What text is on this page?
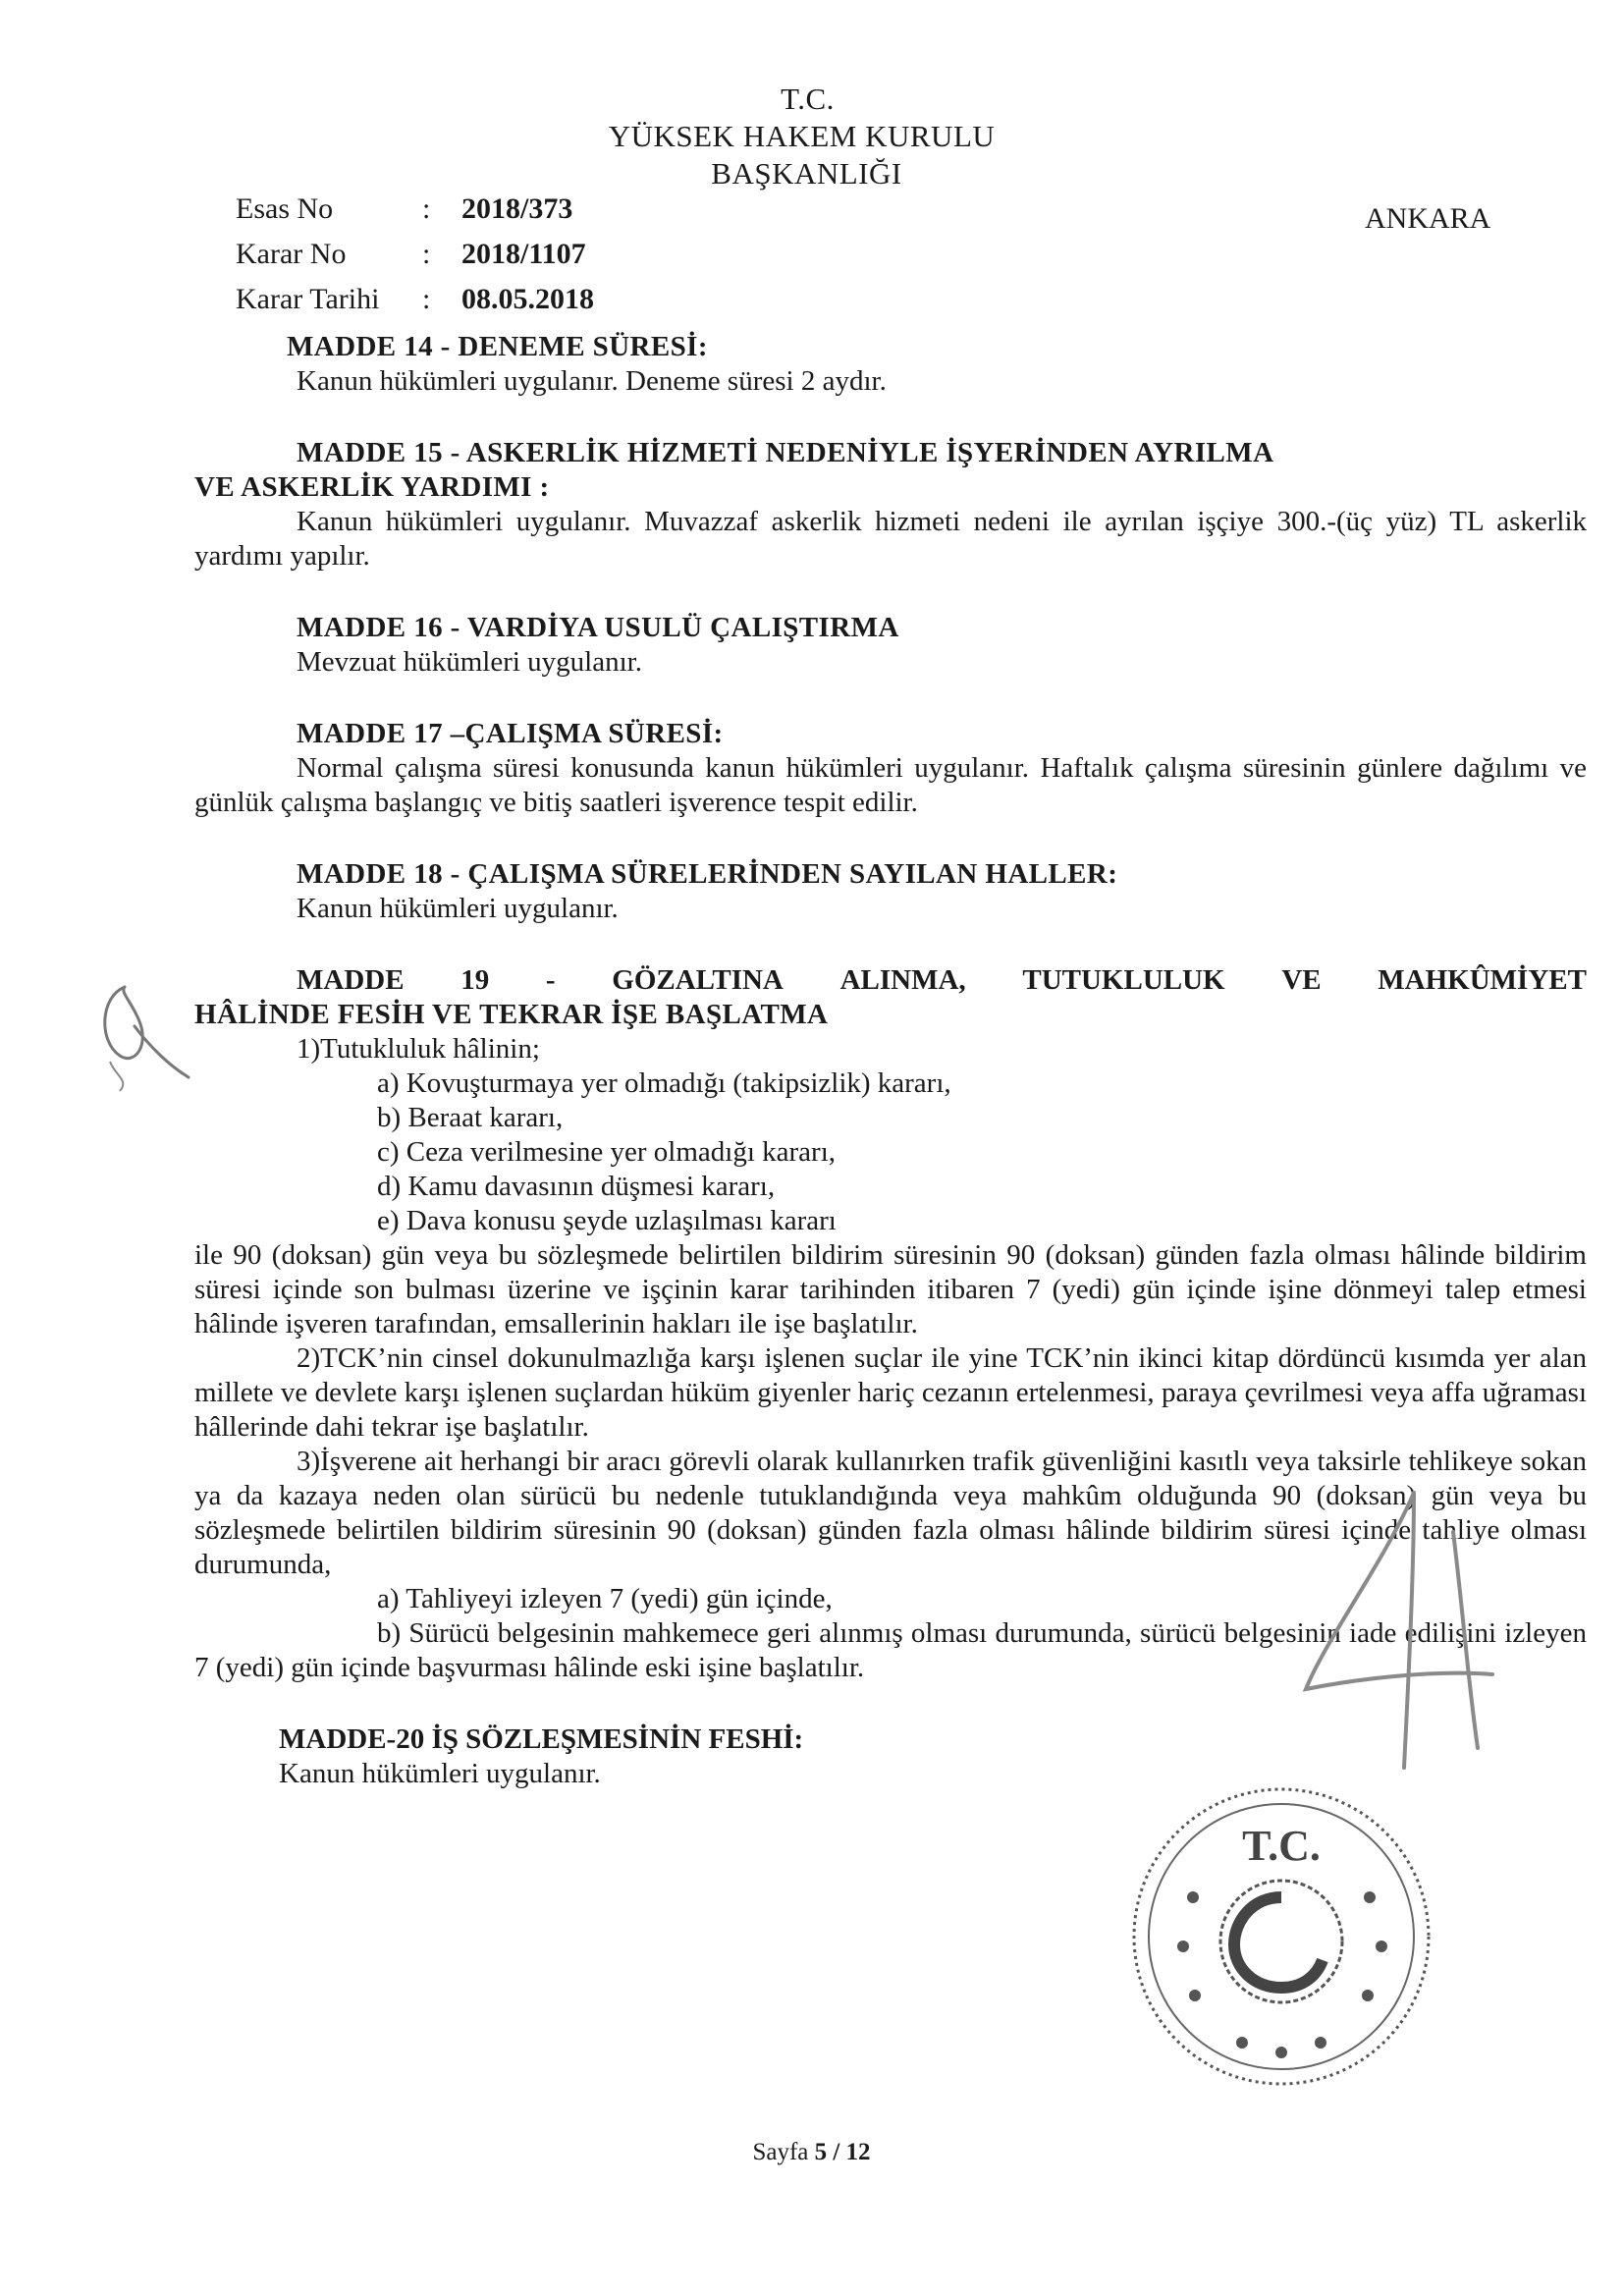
T.C.
YÜKSEK HAKEM KURULU
BAŞKANLIĞI
ANKARA
Esas No	:	2018/373
Karar No	:	2018/1107
Karar Tarihi	:	08.05.2018
MADDE 14 - DENEME SÜRESİ:
Kanun hükümleri uygulanır. Deneme süresi 2 aydır.
MADDE 15 - ASKERLİK HİZMETİ NEDENİYLE İŞYERİNDEN AYRILMA
VE ASKERLİK YARDIMI :
Kanun hükümleri uygulanır. Muvazzaf askerlik hizmeti nedeni ile ayrılan işçiye 300.-(üç yüz) TL askerlik yardımı yapılır.
MADDE 16 - VARDİYA USULÜ ÇALIŞTIRMA
Mevzuat hükümleri uygulanır.
MADDE 17 –ÇALIŞMA SÜRESİ:
Normal çalışma süresi konusunda kanun hükümleri uygulanır. Haftalık çalışma süresinin günlere dağılımı ve günlük çalışma başlangıç ve bitiş saatleri işverence tespit edilir.
MADDE 18 - ÇALIŞMA SÜRELERİNDEN SAYILAN HALLER:
Kanun hükümleri uygulanır.
MADDE 19 - GÖZALTINA ALINMA, TUTUKLULUK VE MAHKÛMİYET
HÂLİNDE FESİH VE TEKRAR İŞE BAŞLATMA
1)Tutukluluk hâlinin;
a) Kovuşturmaya yer olmadığı (takipsizlik) kararı,
b) Beraat kararı,
c) Ceza verilmesine yer olmadığı kararı,
d) Kamu davasının düşmesi kararı,
e) Dava konusu şeyde uzlaşılması kararı
ile 90 (doksan) gün veya bu sözleşmede belirtilen bildirim süresinin 90 (doksan) günden fazla olması hâlinde bildirim süresi içinde son bulması üzerine ve işçinin karar tarihinden itibaren 7 (yedi) gün içinde işine dönmeyi talep etmesi hâlinde işveren tarafından, emsallerinin hakları ile işe başlatılır.
2)TCK’nin cinsel dokunulmazlığa karşı işlenen suçlar ile yine TCK’nin ikinci kitap dördüncü kısımda yer alan millete ve devlete karşı işlenen suçlardan hüküm giyenler hariç cezanın ertelenmesi, paraya çevrilmesi veya affa uğraması hâllerinde dahi tekrar işe başlatılır.
3)İşverene ait herhangi bir aracı görevli olarak kullanırken trafik güvenliğini kasıtlı veya taksirle tehlikeye sokan ya da kazaya neden olan sürücü bu nedenle tutuklandığında veya mahkûm olduğunda 90 (doksan) gün veya bu sözleşmede belirtilen bildirim süresinin 90 (doksan) günden fazla olması hâlinde bildirim süresi içinde tahliye olması durumunda,
a) Tahliyeyi izleyen 7 (yedi) gün içinde,
b) Sürücü belgesinin mahkemece geri alınmış olması durumunda, sürücü belgesinin iade edilişini izleyen 7 (yedi) gün içinde başvurması hâlinde eski işine başlatılır.
MADDE-20 İŞ SÖZLEŞMESİNİN FESHİ:
Kanun hükümleri uygulanır.
T.C.
Sayfa 5 / 12
